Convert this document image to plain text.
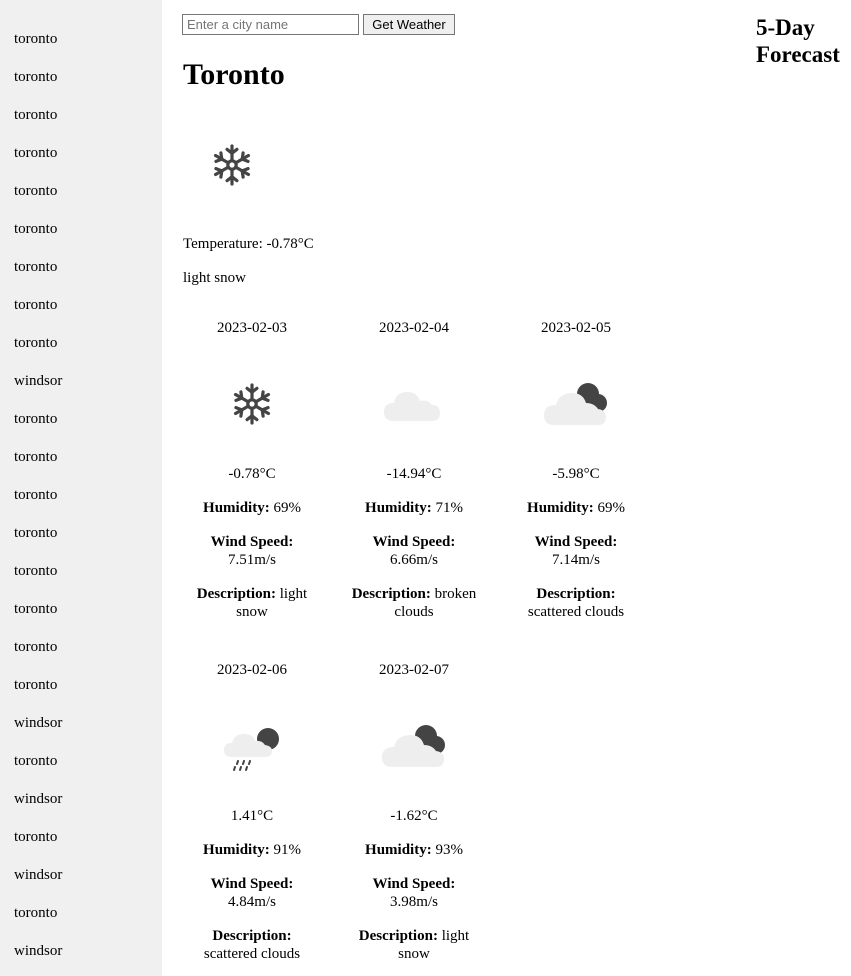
toronto
toronto
toronto
toronto
toronto
toronto
toronto
toronto
toronto
windsor
toronto
toronto
toronto
toronto
toronto
toronto
toronto
toronto
windsor
toronto
windsor
toronto
windsor
toronto
windsor
Enter a city name
Get Weather
Toronto
5-Day Forecast

Temperature: -0.78°C

light snow

2023-02-03
-0.78°C
Humidity: 69%
Wind Speed:
7.51m/s
Description: light snow
2023-02-04
-14.94°C
Humidity: 71%
Wind Speed:
6.66m/s
Description: broken clouds
2023-02-05
-5.98°C
Humidity: 69%
Wind Speed:
7.14m/s
Description: scattered clouds
2023-02-06
1.41°C
Humidity: 91%
Wind Speed:
4.84m/s
Description: scattered clouds
2023-02-07
-1.62°C
Humidity: 93%
Wind Speed:
3.98m/s
Description: light snow
